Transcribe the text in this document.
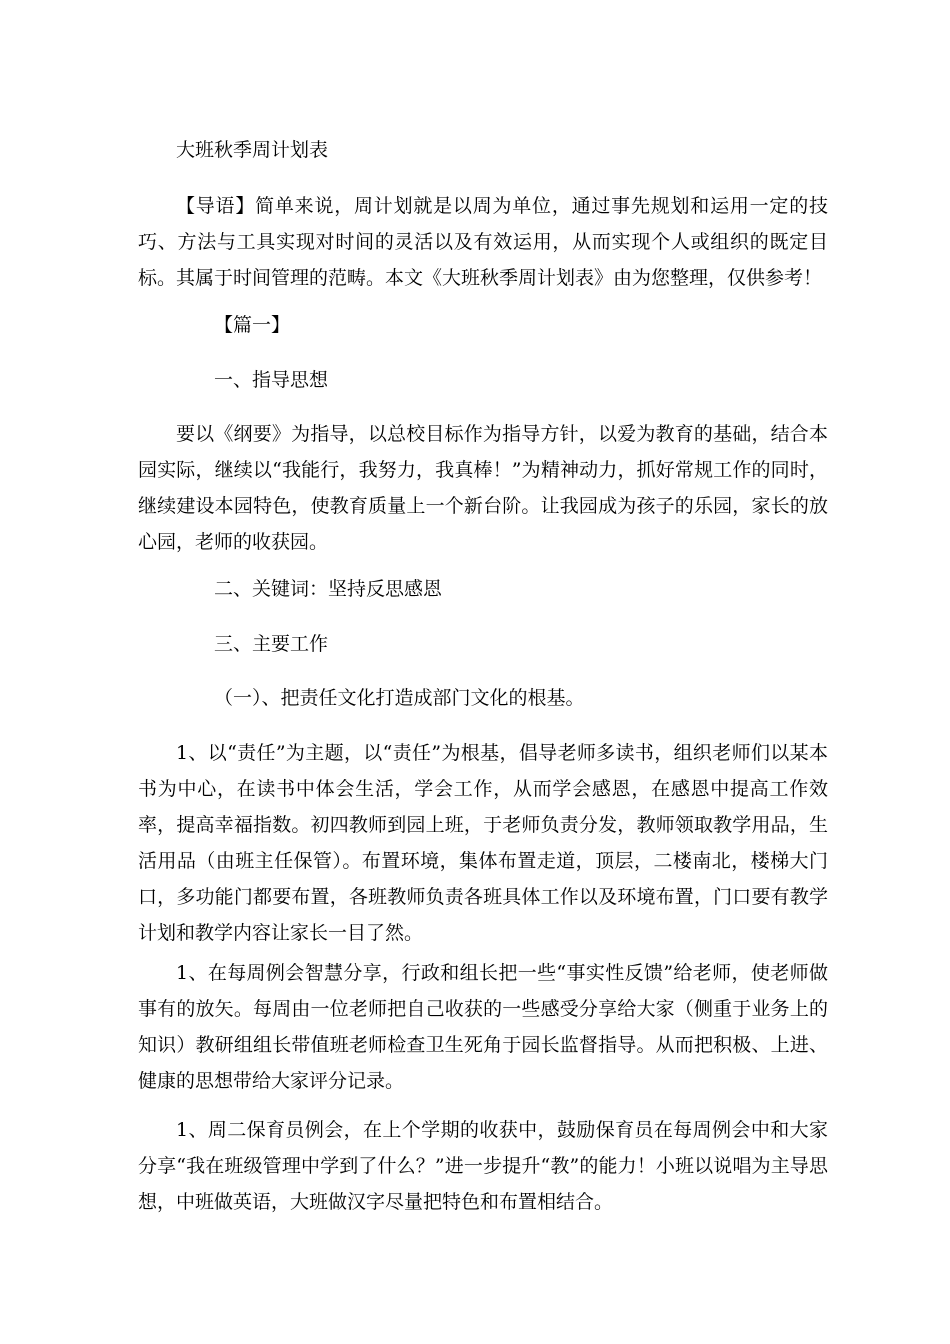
大班秋季周计划表

【导语】简单来说，周计划就是以周为单位，通过事先规划和运用一定的技巧、方法与工具实现对时间的灵活以及有效运用，从而实现个人或组织的既定目标。其属于时间管理的范畴。本文《大班秋季周计划表》由为您整理，仅供参考！

【篇一】

一、指导思想

要以《纲要》为指导，以总校目标作为指导方针，以爱为教育的基础，结合本园实际，继续以“我能行，我努力，我真棒！”为精神动力，抓好常规工作的同时，继续建设本园特色，使教育质量上一个新台阶。让我园成为孩子的乐园，家长的放心园，老师的收获园。

二、关键词：坚持反思感恩

三、主要工作

（一）、把责任文化打造成部门文化的根基。

1、以“责任”为主题，以“责任”为根基，倡导老师多读书，组织老师们以某本书为中心，在读书中体会生活，学会工作，从而学会感恩，在感恩中提高工作效率，提高幸福指数。初四教师到园上班，于老师负责分发，教师领取教学用品，生活用品（由班主任保管）。布置环境，集体布置走道，顶层，二楼南北，楼梯大门口，多功能门都要布置，各班教师负责各班具体工作以及环境布置，门口要有教学计划和教学内容让家长一目了然。

1、在每周例会智慧分享，行政和组长把一些“事实性反馈”给老师，使老师做事有的放矢。每周由一位老师把自己收获的一些感受分享给大家（侧重于业务上的知识）教研组组长带值班老师检查卫生死角于园长监督指导。从而把积极、上进、健康的思想带给大家评分记录。

1、周二保育员例会，在上个学期的收获中，鼓励保育员在每周例会中和大家分享“我在班级管理中学到了什么？”进一步提升“教”的能力！小班以说唱为主导思想，中班做英语，大班做汉字尽量把特色和布置相结合。
